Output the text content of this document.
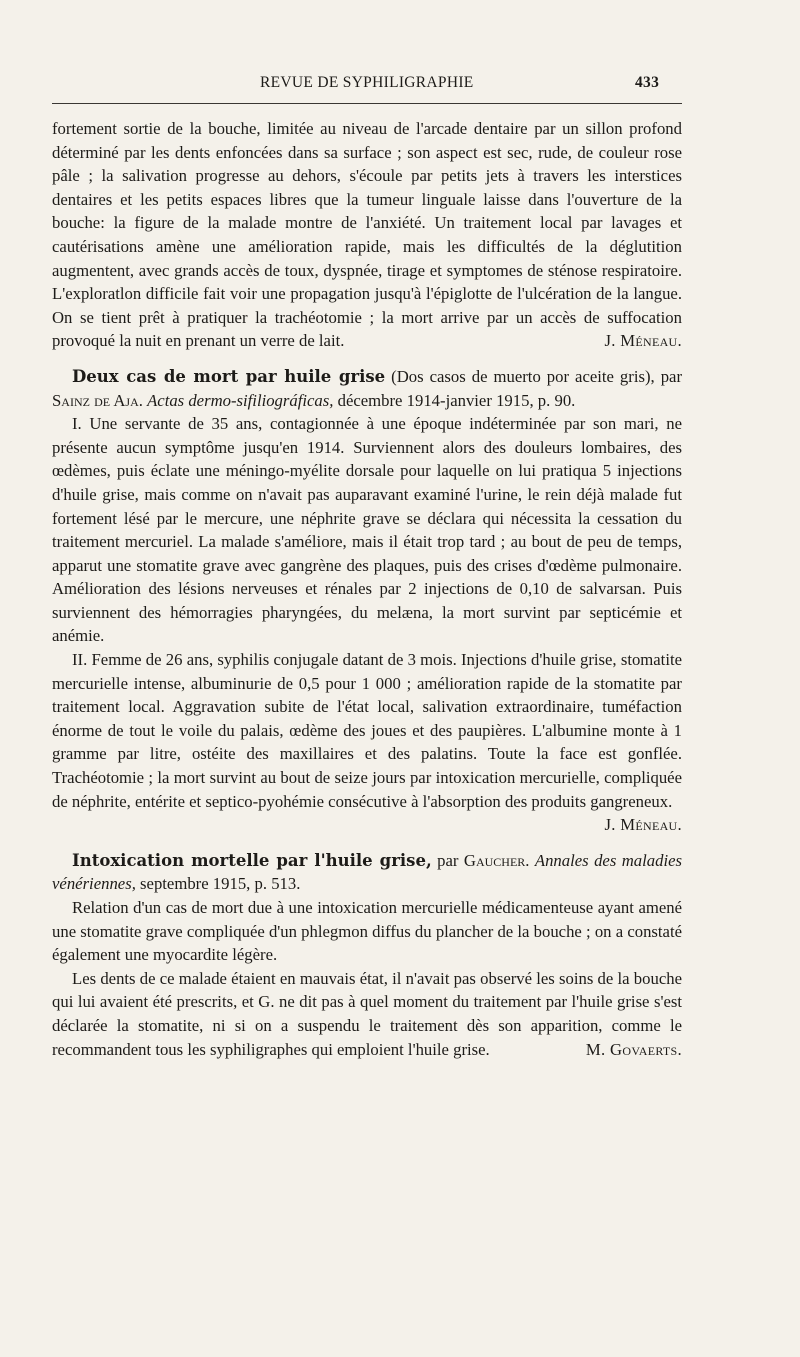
REVUE DE SYPHILIGRAPHIE	433

fortement sortie de la bouche, limitée au niveau de l'arcade dentaire par un sillon profond déterminé par les dents enfoncées dans sa surface ; son aspect est sec, rude, de couleur rose pâle ; la salivation progresse au dehors, s'écoule par petits jets à travers les interstices dentaires et les petits espaces libres que la tumeur linguale laisse dans l'ouverture de la bouche: la figure de la malade montre de l'anxiété. Un traitement local par lavages et cautérisations amène une amélioration rapide, mais les difficultés de la déglutition augmentent, avec grands accès de toux, dyspnée, tirage et symptomes de sténose respiratoire. L'exploratlon difficile fait voir une propagation jusqu'à l'épiglotte de l'ulcération de la langue. On se tient prêt à pratiquer la trachéotomie ; la mort arrive par un accès de suffocation provoqué la nuit en prenant un verre de lait.	J. Méneau.

Deux cas de mort par huile grise (Dos casos de muerto por aceite gris), par Sainz de Aja. Actas dermo-sifiliográficas, décembre 1914-janvier 1915, p. 90.

I. Une servante de 35 ans, contagionnée à une époque indéterminée par son mari, ne présente aucun symptôme jusqu'en 1914. Surviennent alors des douleurs lombaires, des œdèmes, puis éclate une méningo-myélite dorsale pour laquelle on lui pratiqua 5 injections d'huile grise, mais comme on n'avait pas auparavant examiné l'urine, le rein déjà malade fut fortement lésé par le mercure, une néphrite grave se déclara qui nécessita la cessation du traitement mercuriel. La malade s'améliore, mais il était trop tard ; au bout de peu de temps, apparut une stomatite grave avec gangrène des plaques, puis des crises d'œdème pulmonaire. Amélioration des lésions nerveuses et rénales par 2 injections de 0,10 de salvarsan. Puis surviennent des hémorragies pharyngées, du melæna, la mort survint par septicémie et anémie.

II. Femme de 26 ans, syphilis conjugale datant de 3 mois. Injections d'huile grise, stomatite mercurielle intense, albuminurie de 0,5 pour 1 000 ; amélioration rapide de la stomatite par traitement local. Aggravation subite de l'état local, salivation extraordinaire, tuméfaction énorme de tout le voile du palais, œdème des joues et des paupières. L'albumine monte à 1 gramme par litre, ostéite des maxillaires et des palatins. Toute la face est gonflée. Trachéotomie ; la mort survint au bout de seize jours par intoxication mercurielle, compliquée de néphrite, entérite et septico-pyohémie consécutive à l'absorption des produits gangreneux.
J. Méneau.

Intoxication mortelle par l'huile grise, par Gaucher. Annales des maladies vénériennes, septembre 1915, p. 513.

Relation d'un cas de mort due à une intoxication mercurielle médicamenteuse ayant amené une stomatite grave compliquée d'un phlegmon diffus du plancher de la bouche ; on a constaté également une myocardite légère.

Les dents de ce malade étaient en mauvais état, il n'avait pas observé les soins de la bouche qui lui avaient été prescrits, et G. ne dit pas à quel moment du traitement par l'huile grise s'est déclarée la stomatite, ni si on a suspendu le traitement dès son apparition, comme le recommandent tous les syphiligraphes qui emploient l'huile grise.	M. Govaerts.
